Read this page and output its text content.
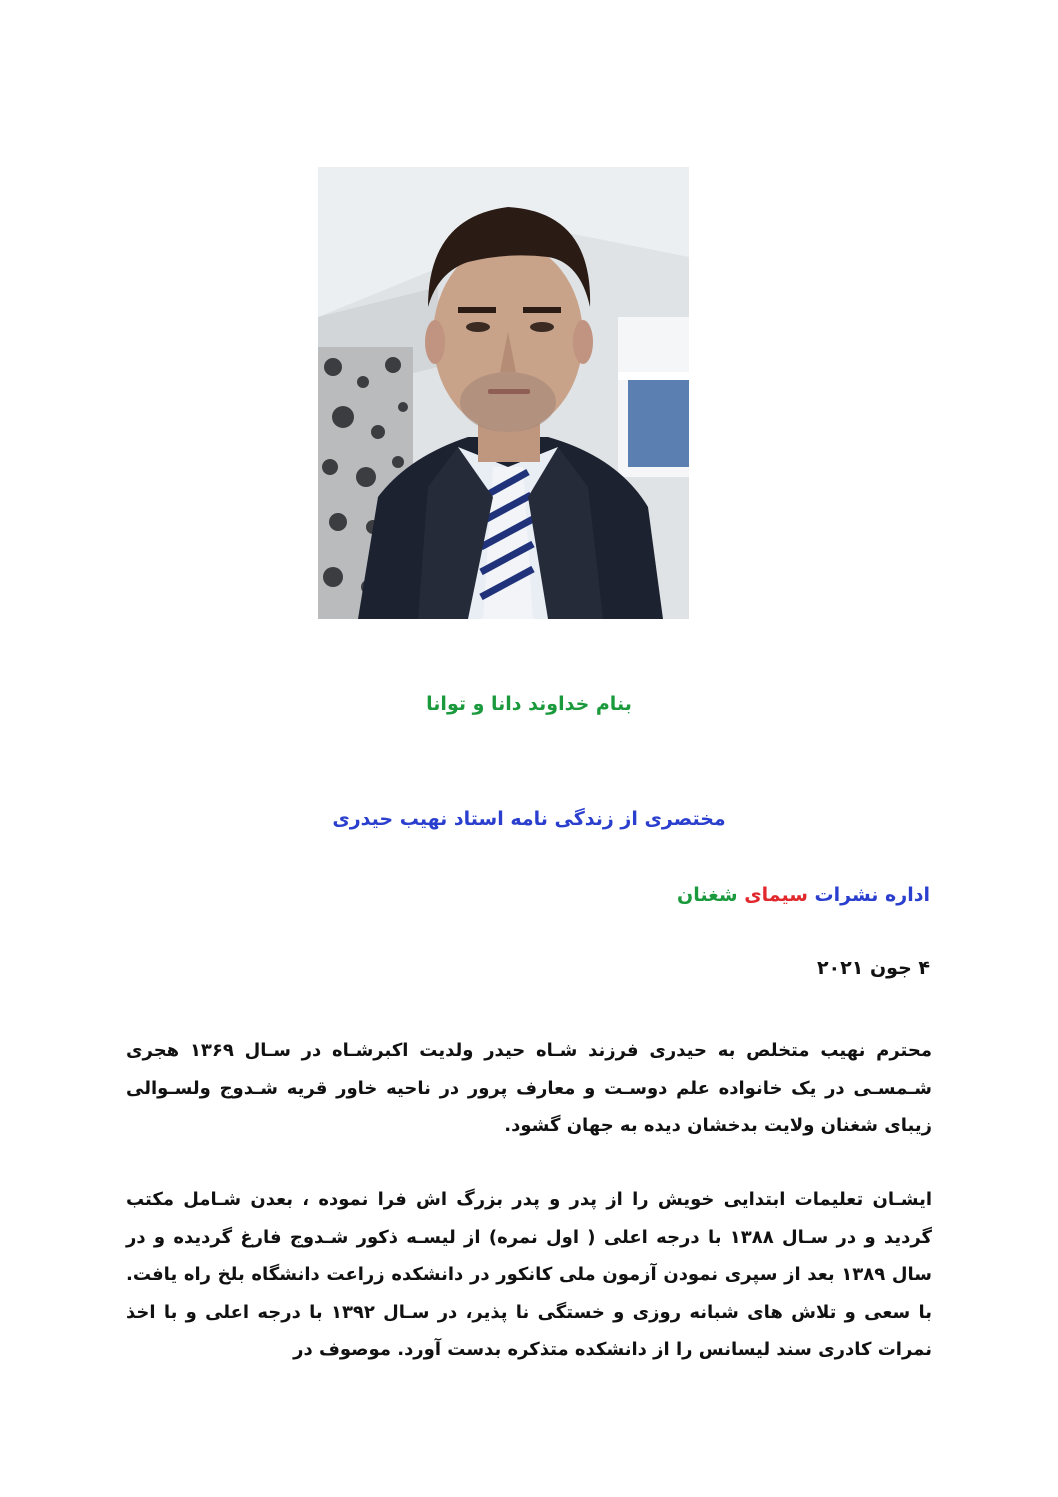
بنام خداوند دانا و توانا
مختصری از زندگی نامه استاد نهیب حیدری
اداره نشرات سیمای شغنان
۴ جون ۲۰۲۱
محترم نهیب متخلص به حیدری فرزند شـاه حیدر ولدیت اکبرشـاه در سـال ۱۳۶۹ هجری شـمسـی در یک خانواده علم دوسـت و معارف پرور در ناحیه خاور قریه شـدوج ولسـوالی زیبای شغنان ولایت بدخشان دیده به جهان گشود.
ایشـان تعلیمات ابتدایی خویش را از پدر و پدر بزرگ اش فرا نموده ، بعدن شـامل مکتب گردید و در سـال ۱۳۸۸ با درجه اعلی ( اول نمره) از لیسـه ذکور شـدوج فارغ گردیده و در سال ۱۳۸۹ بعد از سپری نمودن آزمون ملی کانکور در دانشکده زراعت دانشگاه بلخ راه یافت. با سعی و تلاش های شبانه روزی و خستگی نا پذیر، در سـال ۱۳۹۲ با درجه اعلی و با اخذ نمرات کادری سند لیسانس را از دانشکده متذکره بدست آورد. موصوف در
